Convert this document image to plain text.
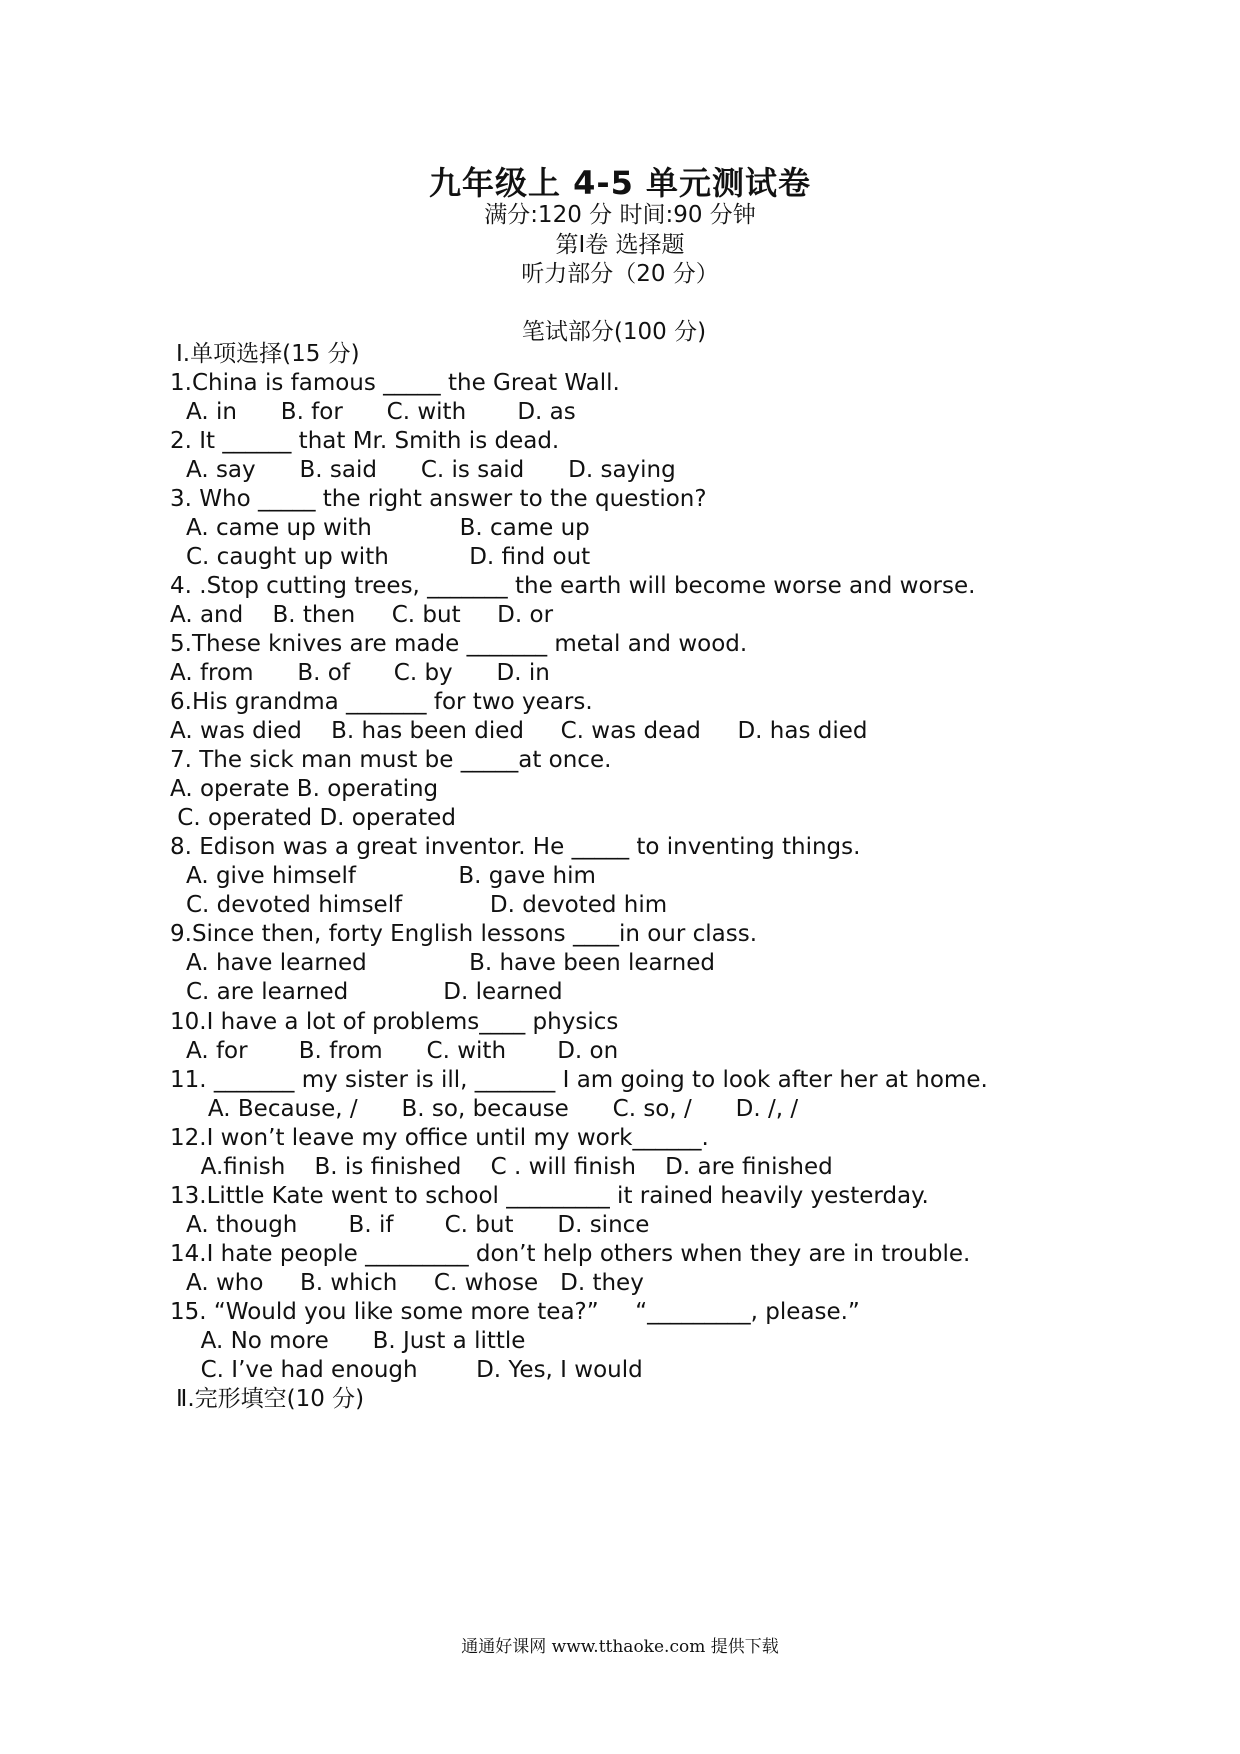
九年级上 4-5 单元测试卷
满分:120 分 时间:90 分钟
第Ⅰ卷 选择题
听力部分（20 分）
笔试部分(100 分)
Ⅰ.单项选择(15 分)
1.China is famous _____ the Great Wall.
A. in      B. for      C. with       D. as
2. It ______ that Mr. Smith is dead.
A. say      B. said      C. is said      D. saying
3. Who _____ the right answer to the question?
A. came up with            B. came up
C. caught up with           D. find out
4. .Stop cutting trees, _______ the earth will become worse and worse.
A. and    B. then     C. but     D. or
5.These knives are made _______ metal and wood.
A. from      B. of      C. by      D. in
6.His grandma _______ for two years.
A. was died    B. has been died     C. was dead     D. has died
7. The sick man must be _____at once.
A. operate B. operating
C. operated D. operated
8. Edison was a great inventor. He _____ to inventing things.
A. give himself              B. gave him
C. devoted himself            D. devoted him
9.Since then, forty English lessons ____in our class.
A. have learned              B. have been learned
C. are learned             D. learned
10.I have a lot of problems____ physics
A. for       B. from      C. with       D. on
11. _______ my sister is ill, _______ I am going to look after her at home.
A. Because, /      B. so, because      C. so, /      D. /, /
12.I won’t leave my office until my work______.
A.finish    B. is finished    C . will finish    D. are finished
13.Little Kate went to school _________ it rained heavily yesterday.
A. though       B. if       C. but      D. since
14.I hate people _________ don’t help others when they are in trouble.
A. who     B. which     C. whose   D. they
15. “Would you like some more tea?”     “_________, please.”
A. No more      B. Just a little
C. I’ve had enough        D. Yes, I would
Ⅱ.完形填空(10 分)
通通好课网 www.tthaoke.com 提供下载
